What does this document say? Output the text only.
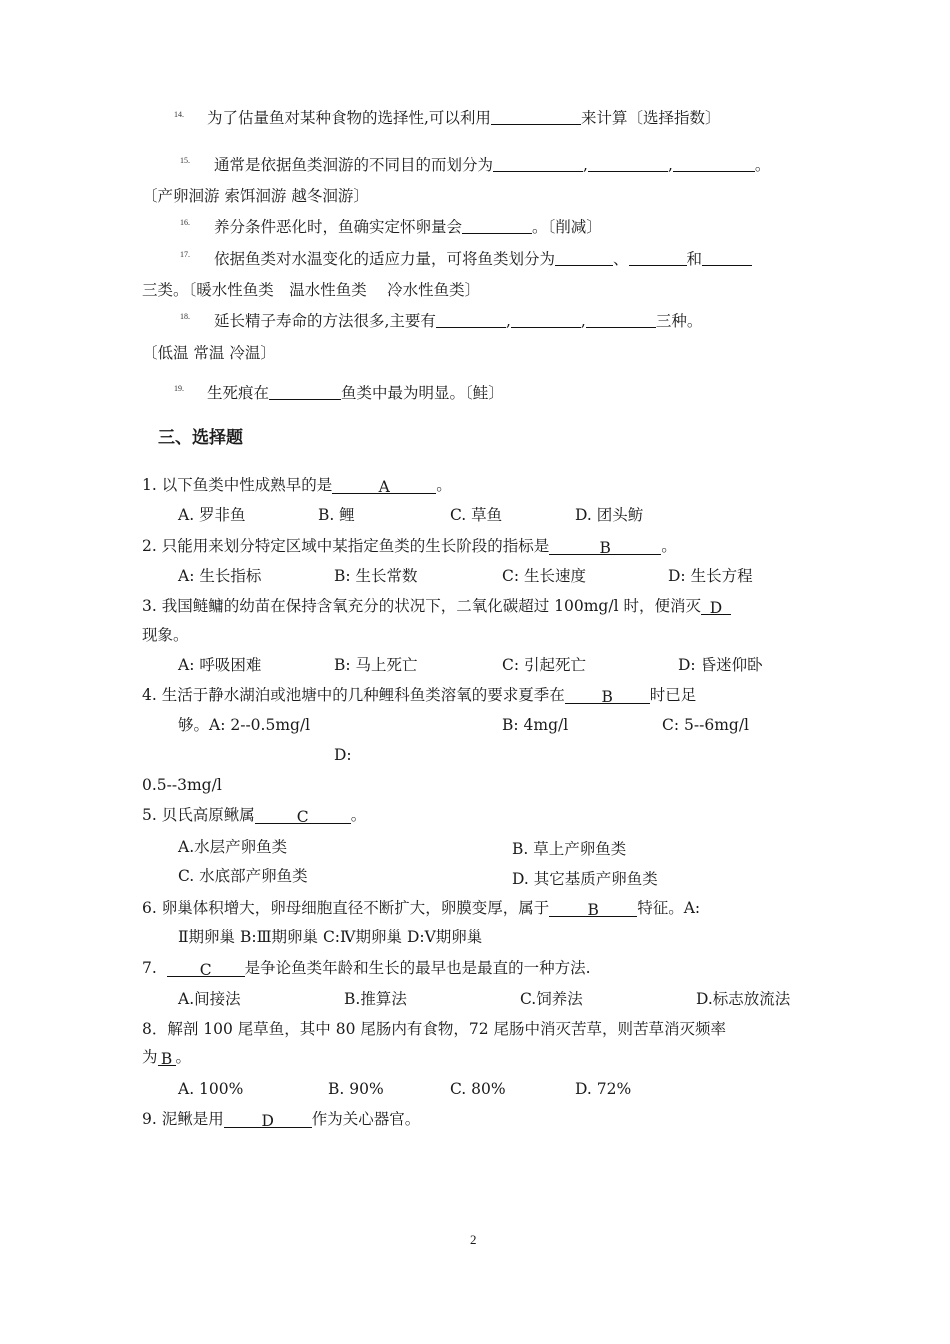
14. 为了估量鱼对某种食物的选择性,可以利用	来计算〔选择指数〕
15. 通常是依据鱼类洄游的不同目的而划分为	,	,	。
〔产卵洄游 索饵洄游 越冬洄游〕
16. 养分条件恶化时，鱼确实定怀卵量会	。〔削减〕
17. 依据鱼类对水温变化的适应力量，可将鱼类划分为	、	和
三类。〔暖水性鱼类　温水性鱼类　 冷水性鱼类〕
18. 延长精子寿命的方法很多,主要有	,	,	三种。
〔低温 常温 冷温〕
19. 生死痕在	鱼类中最为明显。〔鲑〕
三、选择题
1. 以下鱼类中性成熟早的是	A	。
A. 罗非鱼	B. 鲤	C. 草鱼	D. 团头鲂
2. 只能用来划分特定区域中某指定鱼类的生长阶段的指标是	B	。
A: 生长指标	B: 生长常数	C: 生长速度	D: 生长方程
3. 我国鲢鳙的幼苗在保持含氧充分的状况下，二氧化碳超过 100mg/l 时，便消灭 D
现象。
A: 呼吸困难	B: 马上死亡	C: 引起死亡	D: 昏迷仰卧
4. 生活于静水湖泊或池塘中的几种鲤科鱼类溶氧的要求夏季在 B 时已足
够。A: 2--0.5mg/l	B: 4mg/l	C: 5--6mg/l
D:
0.5--3mg/l
5. 贝氏高原鳅属	C	。
A.水层产卵鱼类	B. 草上产卵鱼类
C. 水底部产卵鱼类	D. 其它基质产卵鱼类
6. 卵巢体积增大，卵母细胞直径不断扩大，卵膜变厚，属于 B 特征。A:
Ⅱ期卵巢 B:Ⅲ期卵巢 C:Ⅳ期卵巢 D:Ⅴ期卵巢
7.	C 是争论鱼类年龄和生长的最早也是最直的一种方法.
A.间接法	B.推算法	C.饲养法	D.标志放流法
8．解剖 100 尾草鱼，其中 80 尾肠内有食物，72 尾肠中消灭苦草，则苦草消灭频率
为 B 。
A. 100%	B. 90%	C. 80%	D. 72%
9. 泥鳅是用 D 作为关心器官。
2
